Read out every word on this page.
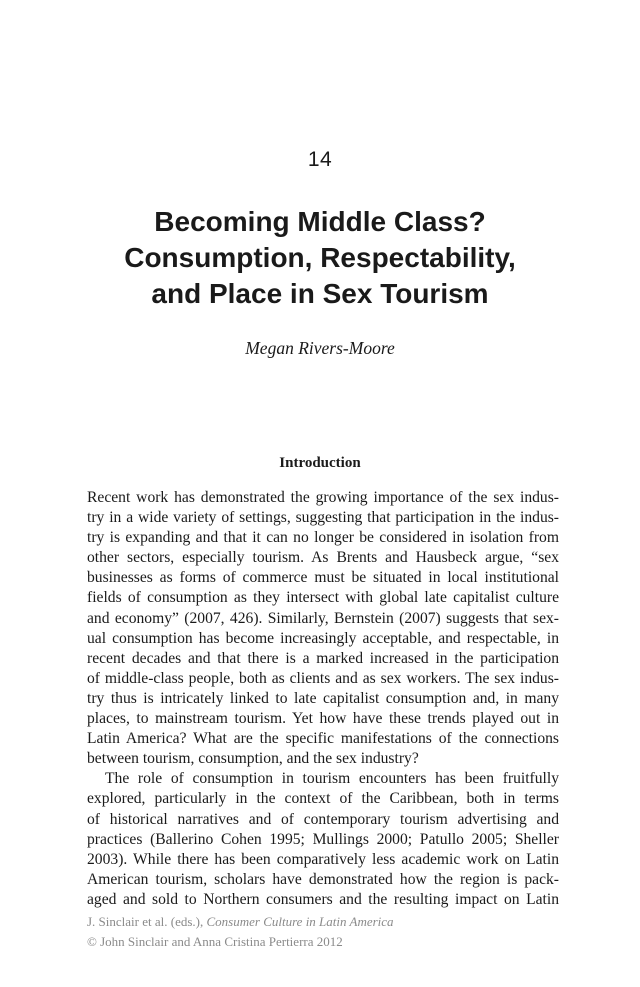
14
Becoming Middle Class?
Consumption, Respectability,
and Place in Sex Tourism
Megan Rivers-Moore
Introduction
Recent work has demonstrated the growing importance of the sex indus-
try in a wide variety of settings, suggesting that participation in the indus-
try is expanding and that it can no longer be considered in isolation from
other sectors, especially tourism. As Brents and Hausbeck argue, “sex
businesses as forms of commerce must be situated in local institutional
fields of consumption as they intersect with global late capitalist culture
and economy” (2007, 426). Similarly, Bernstein (2007) suggests that sex-
ual consumption has become increasingly acceptable, and respectable, in
recent decades and that there is a marked increased in the participation
of middle-class people, both as clients and as sex workers. The sex indus-
try thus is intricately linked to late capitalist consumption and, in many
places, to mainstream tourism. Yet how have these trends played out in
Latin America? What are the specific manifestations of the connections
between tourism, consumption, and the sex industry?
The role of consumption in tourism encounters has been fruitfully
explored, particularly in the context of the Caribbean, both in terms
of historical narratives and of contemporary tourism advertising and
practices (Ballerino Cohen 1995; Mullings 2000; Patullo 2005; Sheller
2003). While there has been comparatively less academic work on Latin
American tourism, scholars have demonstrated how the region is pack-
aged and sold to Northern consumers and the resulting impact on Latin
J. Sinclair et al. (eds.), Consumer Culture in Latin America
© John Sinclair and Anna Cristina Pertierra 2012
